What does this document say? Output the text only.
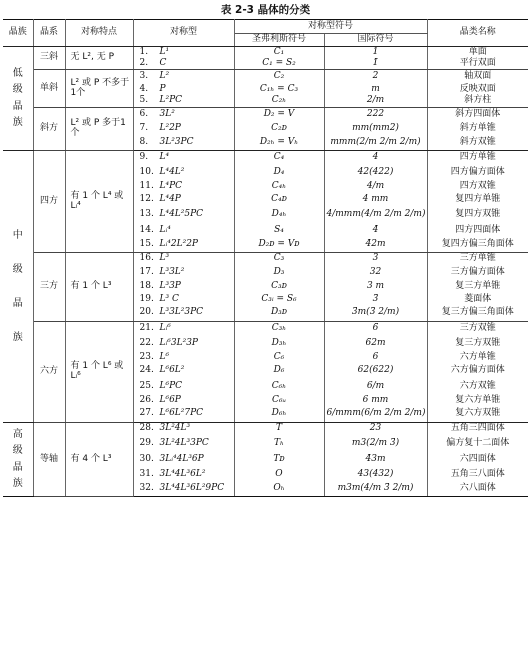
表 2-3 晶体的分类
晶族	晶系	对称特点	对称型	对称型符号		晶类名称
				圣弗利斯符号	国际符号	

低
级
晶
族	三斜	无 L², 无 P	1. L¹	C₁	1	单面
			2. C	C₁ = S₂	1̄	平行双面
	单斜	L² 或 P 不多于1个	3. L²	C₂	2	轴双面
			4. P	C₁ₕ = C₃	m	反映双面
			5. L²PC	C₂ₕ	2/m	斜方柱
	斜方	L² 或 P 多于1个	6. 3L²	D₂ = V	222	斜方四面体
			7. L²2P	C₂ᴅ	mm(mm2)	斜方单锥
			8. 3L²3PC	D₂ₕ = Vₕ	mmm(2/m 2/m 2/m)	斜方双锥

中
级
晶
族	四方	有 1 个 L⁴ 或 Lᵢ⁴	9. L⁴	C₄	4	四方单锥
			10. L⁴4L²	D₄	42(422)	四方偏方面体
			11. L⁴PC	C₄ₕ	4/m	四方双锥
			12. L⁴4P	C₄ᴅ	4 mm	复四方单锥
			13. L⁴4L²5PC	D₄ₕ	4/mmm(4/m 2/m 2/m)	复四方双锥
			14. Lᵢ⁴	S₄	4̄	四方四面体
			15. Lᵢ⁴2L²2P	D₂ᴅ = Vᴅ	4̄2m	复四方偏三角面体
	三方	有 1 个 L³	16. L³	C₃	3	三方单锥
			17. L³3L²	D₃	32	三方偏方面体
			18. L³3P	C₃ᴅ	3 m	复三方单锥
			19. L³ C	C₃ᵢ = S₆	3̄	菱面体
			20. L³3L²3PC	D₃ᴅ	3̄m(3̄ 2/m)	复三方偏三角面体
	六方	有 1 个 L⁶ 或 Lᵢ⁶	21. Lᵢ⁶	C₃ₕ	6̄	三方双锥
			22. Lᵢ⁶3L²3P	D₃ₕ	6̄2m	复三方双锥
			23. L⁶	C₆	6	六方单锥
			24. L⁶6L²	D₆	62(622)	六方偏方面体
			25. L⁶PC	C₆ₕ	6/m	六方双锥
			26. L⁶6P	C₆ᵤ	6 mm	复六方单锥
			27. L⁶6L²7PC	D₆ₕ	6/mmm(6/m 2/m 2/m)	复六方双锥

高
级
晶
族	等轴	有 4 个 L³	28. 3L²4L³	T	23	五角三四面体
			29. 3L²4L³3PC	Tₕ	m3(2/m 3̄)	偏方复十二面体
			30. 3Lᵢ⁴4L³6P	Tᴅ	4̄3m	六四面体
			31. 3L⁴4L³6L²	O	43(432)	五角三八面体
			32. 3L⁴4L³6L²9PC	Oₕ	m3m(4/m 3̄ 2/m)	六八面体
